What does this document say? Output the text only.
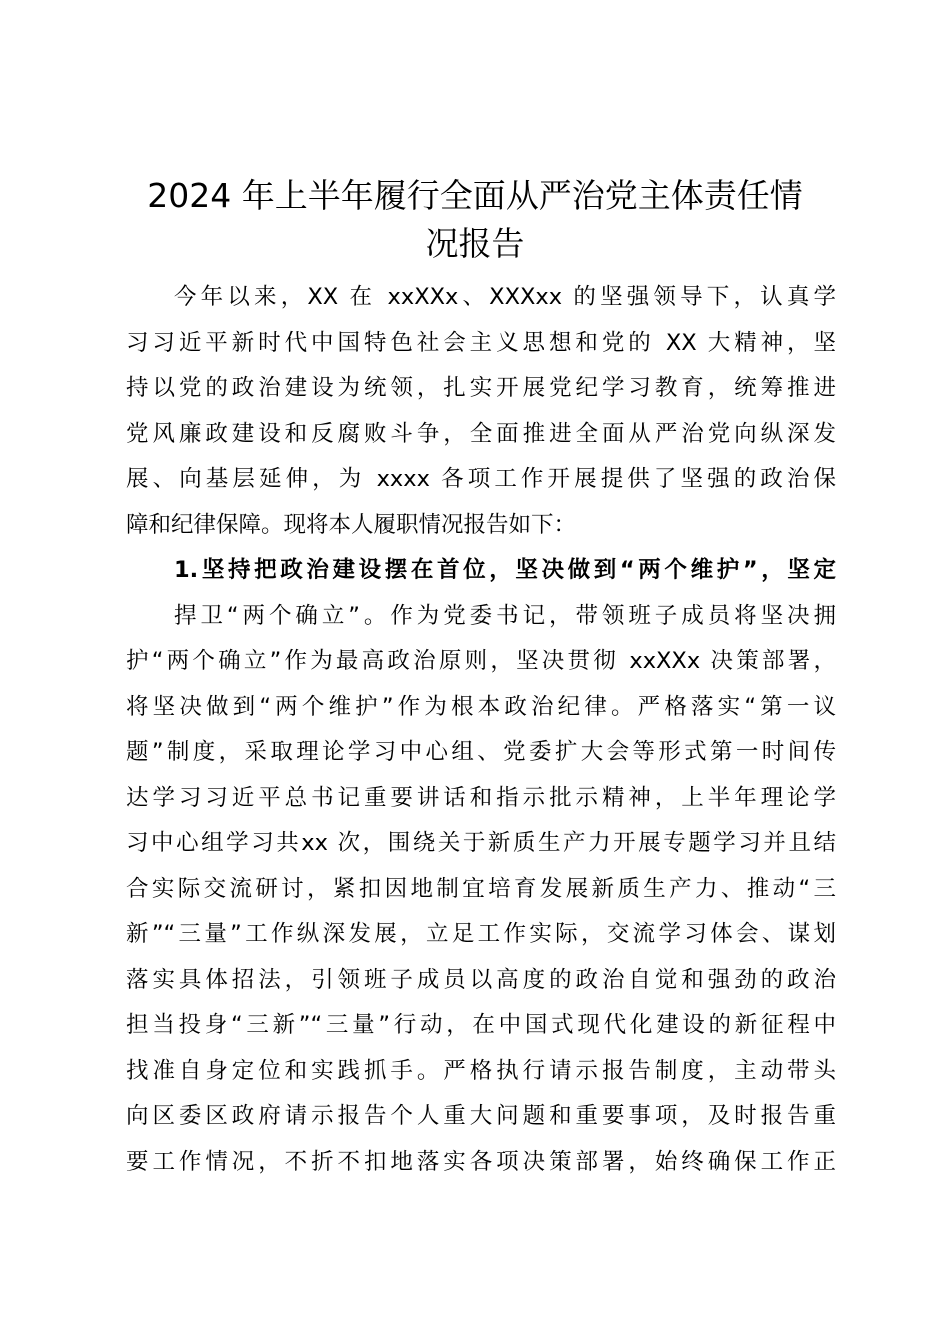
2024 年上半年履行全面从严治党主体责任情
况报告
今年以来，XX 在 xxXXx、XXXxx 的坚强领导下，认真学
习习近平新时代中国特色社会主义思想和党的 XX 大精神，坚
持以党的政治建设为统领，扎实开展党纪学习教育，统筹推进
党风廉政建设和反腐败斗争，全面推进全面从严治党向纵深发
展、向基层延伸，为 xxxx 各项工作开展提供了坚强的政治保
障和纪律保障。现将本人履职情况报告如下：
1.坚持把政治建设摆在首位，坚决做到“两个维护”，坚定
捍卫“两个确立”。作为党委书记，带领班子成员将坚决拥
护“两个确立”作为最高政治原则，坚决贯彻 xxXXx 决策部署，
将坚决做到“两个维护”作为根本政治纪律。严格落实“第一议
题”制度，采取理论学习中心组、党委扩大会等形式第一时间传
达学习习近平总书记重要讲话和指示批示精神，上半年理论学
习中心组学习共xx 次，围绕关于新质生产力开展专题学习并且结
合实际交流研讨，紧扣因地制宜培育发展新质生产力、推动“三
新”“三量”工作纵深发展，立足工作实际，交流学习体会、谋划
落实具体招法，引领班子成员以高度的政治自觉和强劲的政治
担当投身“三新”“三量”行动，在中国式现代化建设的新征程中
找准自身定位和实践抓手。严格执行请示报告制度，主动带头
向区委区政府请示报告个人重大问题和重要事项，及时报告重
要工作情况，不折不扣地落实各项决策部署，始终确保工作正
